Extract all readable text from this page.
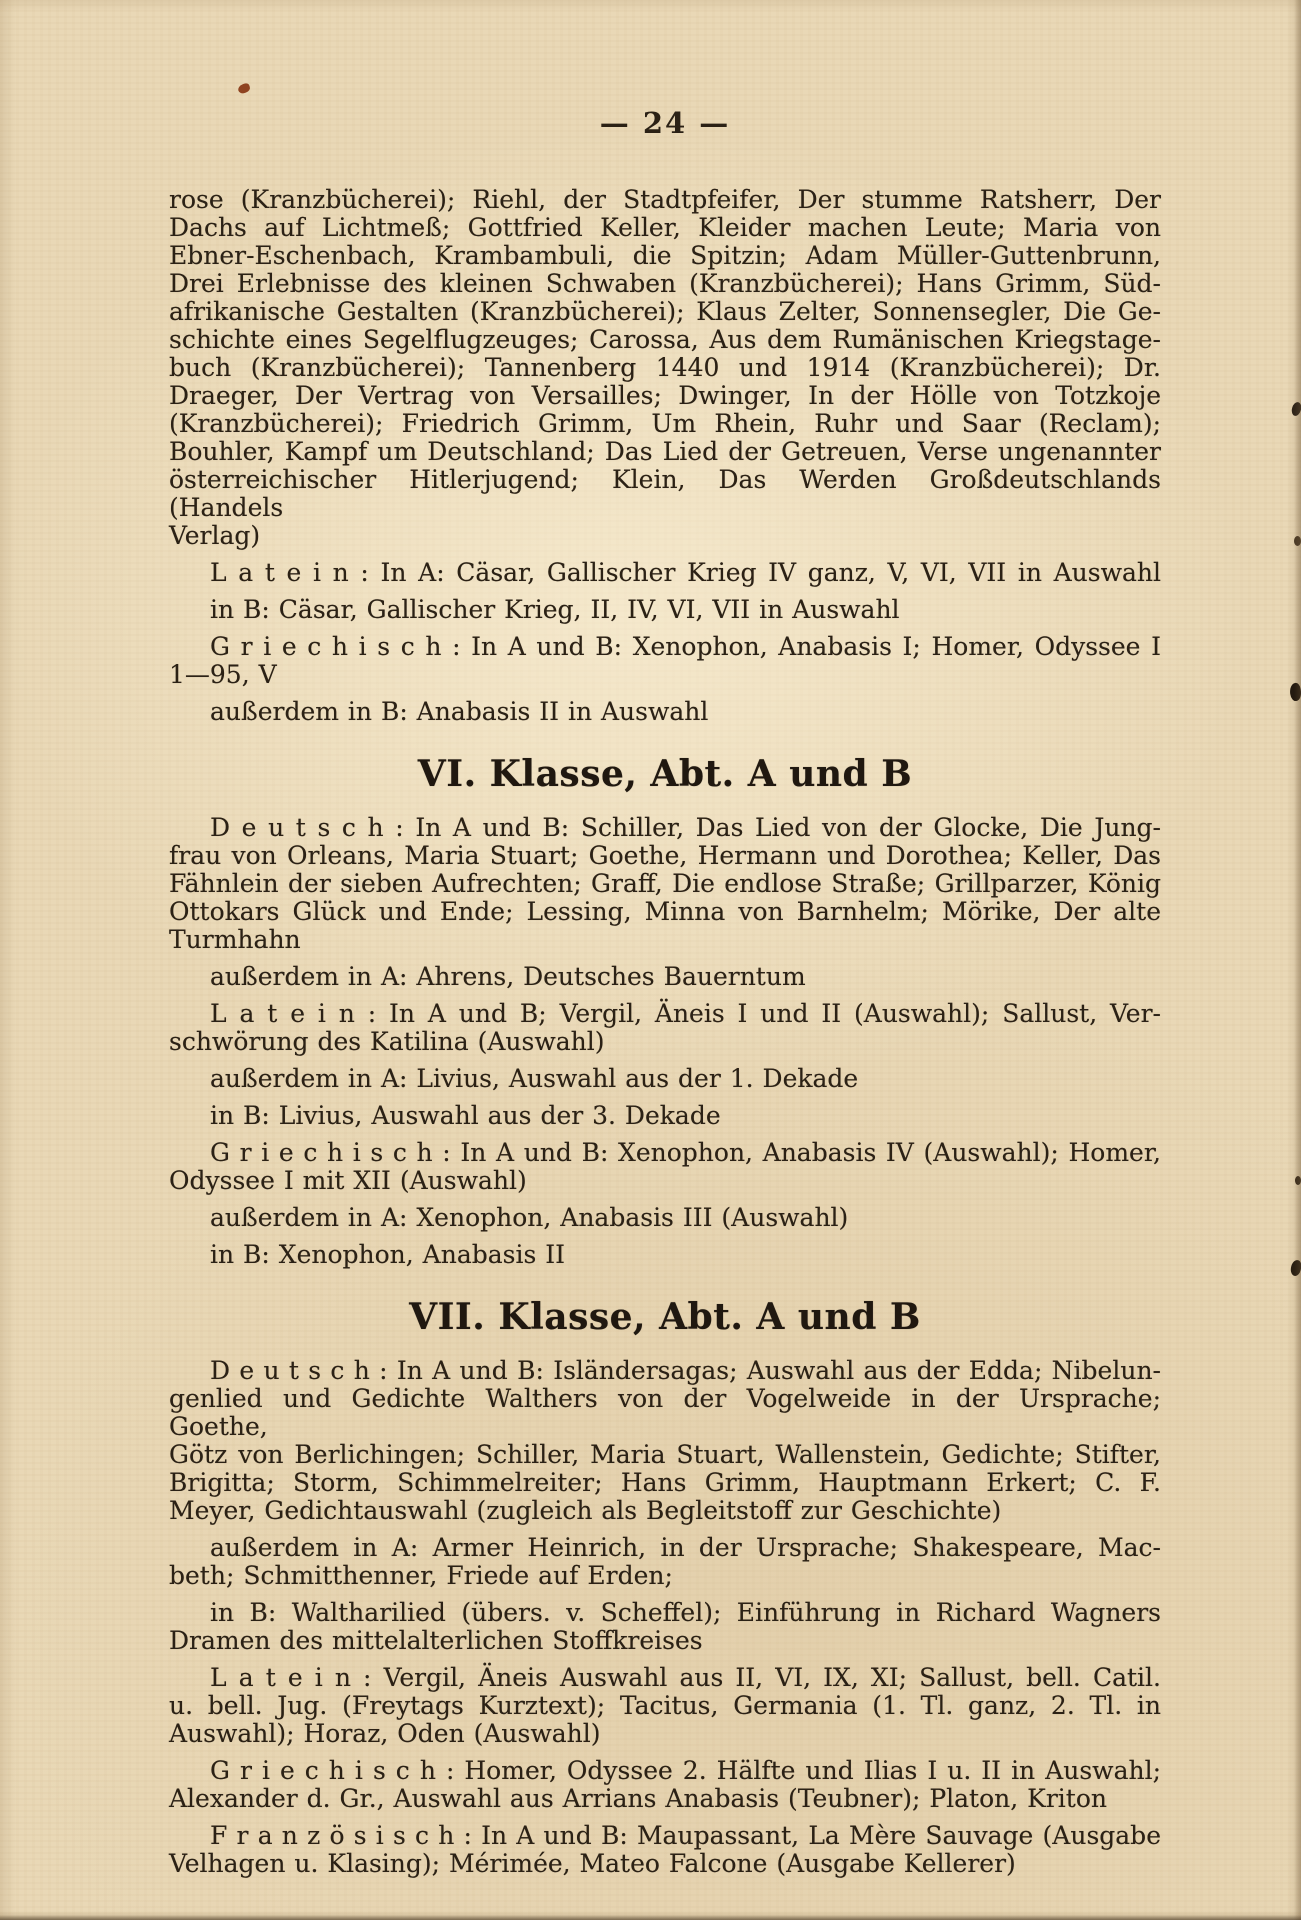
— 24 —
rose (Kranzbücherei); Riehl, der Stadtpfeifer, Der stumme Ratsherr, Der
Dachs auf Lichtmeß; Gottfried Keller, Kleider machen Leute; Maria von
Ebner-Eschenbach, Krambambuli, die Spitzin; Adam Müller-Guttenbrunn,
Drei Erlebnisse des kleinen Schwaben (Kranzbücherei); Hans Grimm, Süd-
afrikanische Gestalten (Kranzbücherei); Klaus Zelter, Sonnensegler, Die Ge-
schichte eines Segelflugzeuges; Carossa, Aus dem Rumänischen Kriegstage-
buch (Kranzbücherei); Tannenberg 1440 und 1914 (Kranzbücherei); Dr.
Draeger, Der Vertrag von Versailles; Dwinger, In der Hölle von Totzkoje
(Kranzbücherei); Friedrich Grimm, Um Rhein, Ruhr und Saar (Reclam);
Bouhler, Kampf um Deutschland; Das Lied der Getreuen, Verse ungenannter
österreichischer Hitlerjugend; Klein, Das Werden Großdeutschlands (Handels
Verlag)
L a t e i n : In A: Cäsar, Gallischer Krieg IV ganz, V, VI, VII in Auswahl
in B: Cäsar, Gallischer Krieg, II, IV, VI, VII in Auswahl
G r i e c h i s c h : In A und B: Xenophon, Anabasis I; Homer, Odyssee I
1—95, V
außerdem in B: Anabasis II in Auswahl
VI. Klasse, Abt. A und B
D e u t s c h : In A und B: Schiller, Das Lied von der Glocke, Die Jung-
frau von Orleans, Maria Stuart; Goethe, Hermann und Dorothea; Keller, Das
Fähnlein der sieben Aufrechten; Graff, Die endlose Straße; Grillparzer, König
Ottokars Glück und Ende; Lessing, Minna von Barnhelm; Mörike, Der alte
Turmhahn
außerdem in A: Ahrens, Deutsches Bauerntum
L a t e i n : In A und B; Vergil, Äneis I und II (Auswahl); Sallust, Ver-
schwörung des Katilina (Auswahl)
außerdem in A: Livius, Auswahl aus der 1. Dekade
in B: Livius, Auswahl aus der 3. Dekade
G r i e c h i s c h : In A und B: Xenophon, Anabasis IV (Auswahl); Homer,
Odyssee I mit XII (Auswahl)
außerdem in A: Xenophon, Anabasis III (Auswahl)
in B: Xenophon, Anabasis II
VII. Klasse, Abt. A und B
D e u t s c h : In A und B: Isländersagas; Auswahl aus der Edda; Nibelun-
genlied und Gedichte Walthers von der Vogelweide in der Ursprache; Goethe,
Götz von Berlichingen; Schiller, Maria Stuart, Wallenstein, Gedichte; Stifter,
Brigitta; Storm, Schimmelreiter; Hans Grimm, Hauptmann Erkert; C. F.
Meyer, Gedichtauswahl (zugleich als Begleitstoff zur Geschichte)
außerdem in A: Armer Heinrich, in der Ursprache; Shakespeare, Mac-
beth; Schmitthenner, Friede auf Erden;
in B: Waltharilied (übers. v. Scheffel); Einführung in Richard Wagners
Dramen des mittelalterlichen Stoffkreises
L a t e i n : Vergil, Äneis Auswahl aus II, VI, IX, XI; Sallust, bell. Catil.
u. bell. Jug. (Freytags Kurztext); Tacitus, Germania (1. Tl. ganz, 2. Tl. in
Auswahl); Horaz, Oden (Auswahl)
G r i e c h i s c h : Homer, Odyssee 2. Hälfte und Ilias I u. II in Auswahl;
Alexander d. Gr., Auswahl aus Arrians Anabasis (Teubner); Platon, Kriton
F r a n z ö s i s c h : In A und B: Maupassant, La Mère Sauvage (Ausgabe
Velhagen u. Klasing); Mérimée, Mateo Falcone (Ausgabe Kellerer)
